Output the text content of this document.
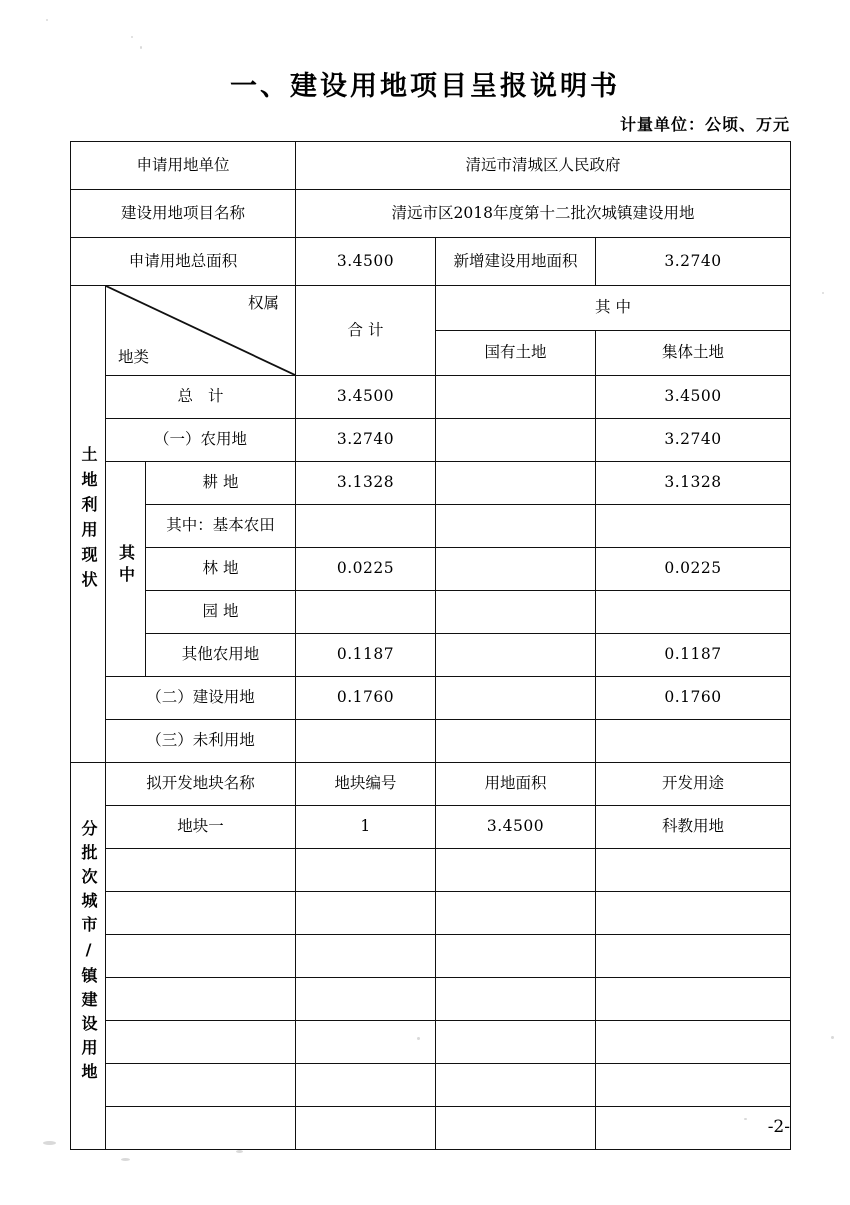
一、建设用地项目呈报说明书
计量单位：公顷、万元
申请用地单位			清远市清城区人民政府		
建设用地项目名称			清远市区2018年度第十二批次城镇建设用地		
申请用地总面积			3.4500	新增建设用地面积	3.2740
土地利用现状	权属
地类		合 计	其 中	
				国有土地	集体土地
	总 计		3.4500		3.4500
	（一）农用地		3.2740		3.2740
	其中	耕 地	3.1328		3.1328
		其中：基本农田			
		林 地	0.0225		0.0225
		园 地			
		其他农用地	0.1187		0.1187
	（二）建设用地		0.1760		0.1760
	（三）未利用地				
分批次城市/镇建设用地	拟开发地块名称		地块编号	用地面积	开发用途
	地块一		1	3.4500	科教用地

-2-
